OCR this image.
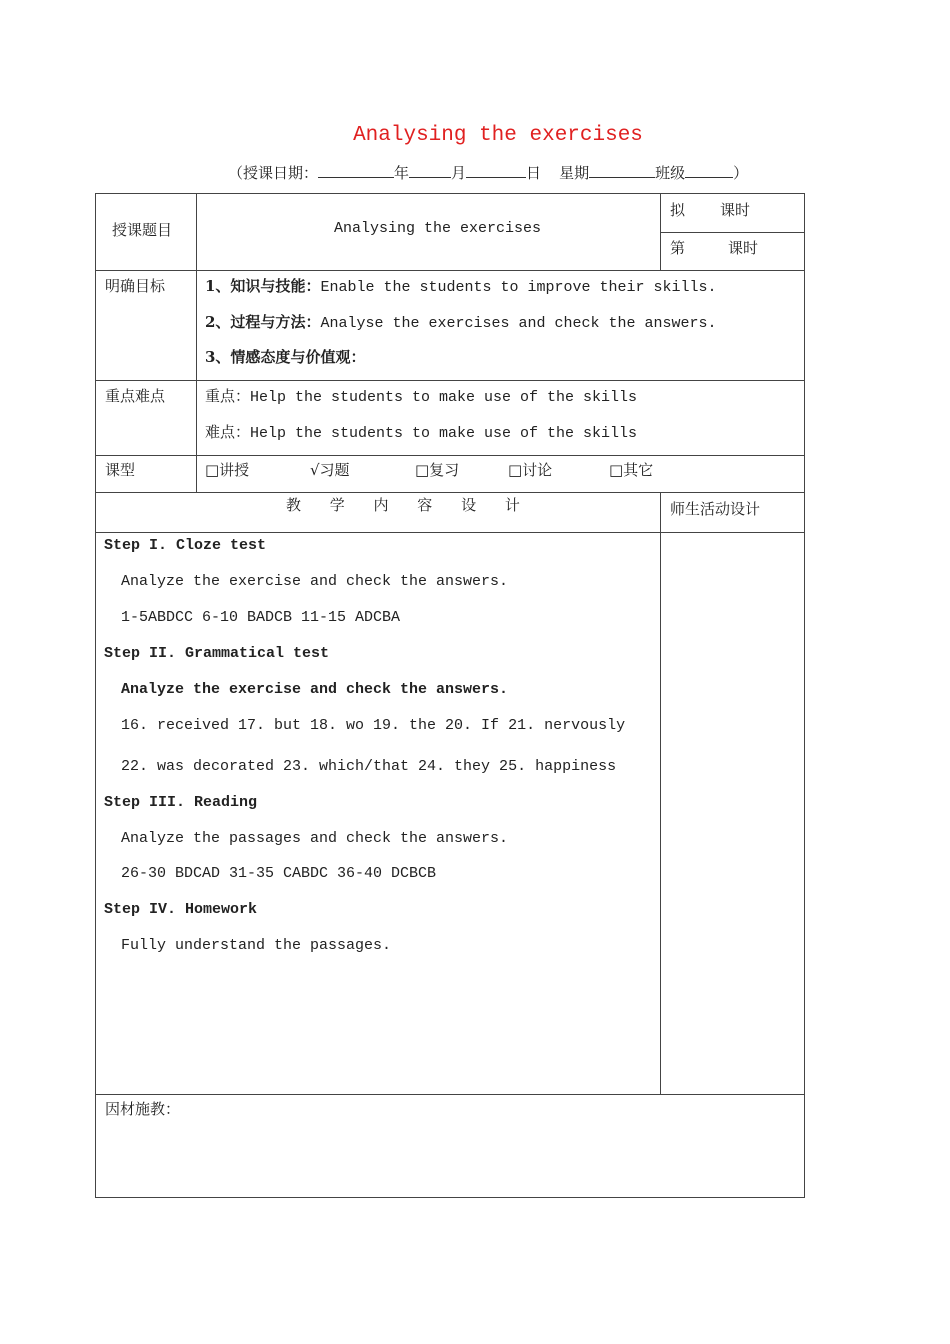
Analysing the exercises
（授课日期：	年	月	日 星期	班级	）
授课题目	Analysing the exercises
拟 课时
第	课时
明确目标	1、知识与技能：Enable the students to improve their skills.
2、过程与方法：Analyse the exercises and check the answers.
3、情感态度与价值观：
重点难点	重点：Help the students to make use of the skills
难点：Help the students to make use of the skills
课型	□讲授	√习题	□复习	□讨论	□其它
教 学 内 容 设 计	师生活动设计
Step I. Cloze test
Analyze the exercise and check the answers.
1-5ABDCC 6-10 BADCB 11-15 ADCBA
Step II. Grammatical test
Analyze the exercise and check the answers.
16. received 17. but 18. wo 19. the 20. If 21. nervously
22. was decorated 23. which/that 24. they 25. happiness
Step III. Reading
Analyze the passages and check the answers.
26-30 BDCAD 31-35 CABDC 36-40 DCBCB
Step IV. Homework
Fully understand the passages.
因材施教：
